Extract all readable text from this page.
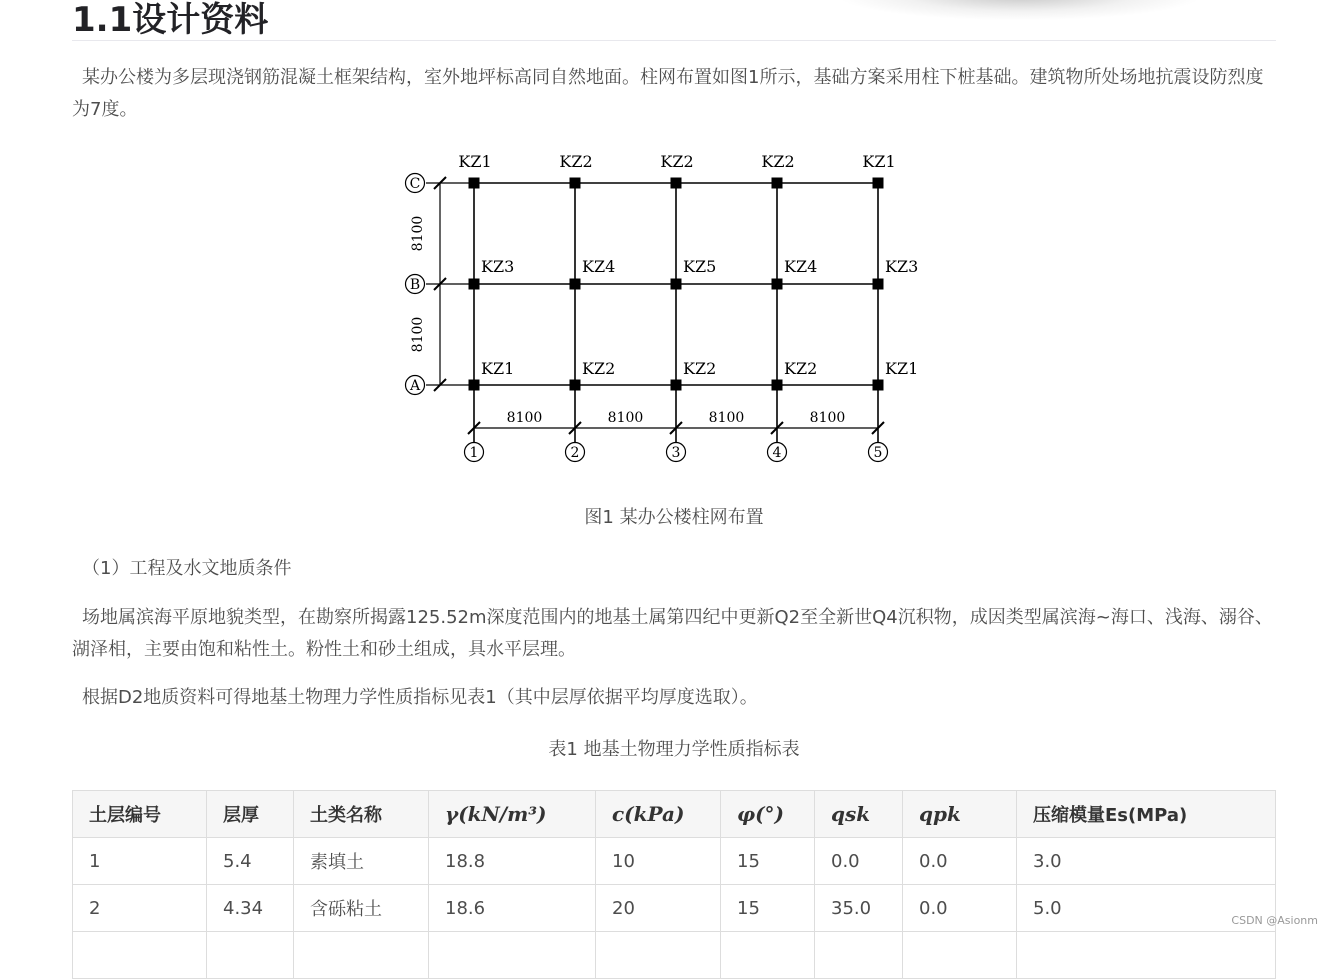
1.1设计资料

某办公楼为多层现浇钢筋混凝土框架结构，室外地坪标高同自然地面。柱网布置如图1所示，基础方案采用柱下桩基础。建筑物所处场地抗震设防烈度为7度。

C
B
A
8100
8100
8100	8100	8100	8100
1	2	3	4	5
KZ1	KZ2	KZ2	KZ2	KZ1
KZ3	KZ4	KZ5	KZ4	KZ3
KZ1	KZ2	KZ2	KZ2	KZ1
图1 某办公楼柱网布置

（1）工程及水文地质条件

场地属滨海平原地貌类型，在勘察所揭露125.52m深度范围内的地基土属第四纪中更新Q2至全新世Q4沉积物，成因类型属滨海~海口、浅海、溺谷、湖泽相，主要由饱和粘性土。粉性土和砂土组成，具水平层理。

根据D2地质资料可得地基土物理力学性质指标见表1（其中层厚依据平均厚度选取）。

表1 地基土物理力学性质指标表
土层编号	层厚	土类名称	γ(kN/m³)	c(kPa)	φ(°)	qsk	qpk	压缩模量Es(MPa)
1	5.4	素填土	18.8	10	15	0.0	0.0	3.0
2	4.34	含砾粘土	18.6	20	15	35.0	0.0	5.0

CSDN @Asionm
